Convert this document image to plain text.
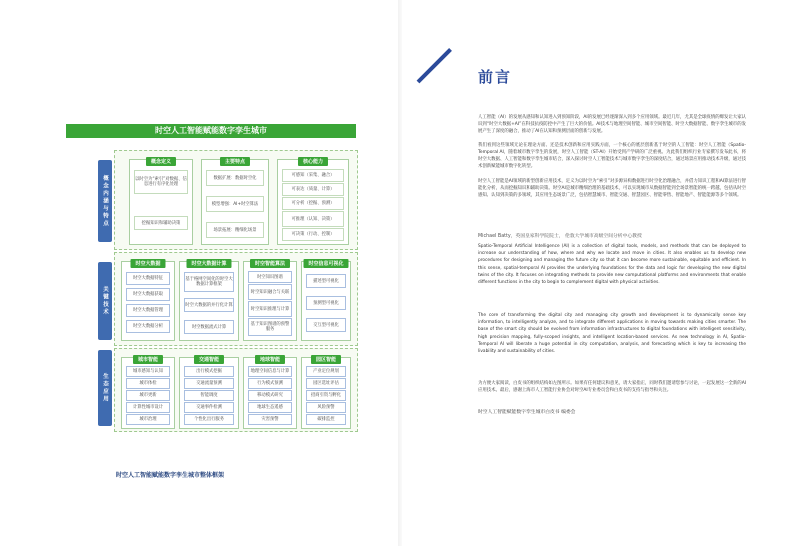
时空人工智能赋能数字孪生城市
概念内涵与特点
概念定义
以时空为“索引”对数据、信息进行有序化处理
挖掘知识和辅助决策
主要特点
数据扩展：数据时空化
模型增强：AI+时空算法
场景拓展：精细化场景
核心能力
可感知（采集、融合）
可表达（质量、计算）
可分析（挖掘、预测）
可推理（认知、决策）
可决策（行动、控制）
关键技术
时空大数据
时空大数据特征
时空大数据获取
时空大数据管理
时空大数据分析
时空大数据计算
基于格网空间化的时空大数据计算框架
时空大数据的并行化计算
时空数据流式计算
时空智能算法
时空知识图谱
时空知识融合与关联
时空知识推理与计算
基于知识图谱的预警服务
时空信息可视化
描述型可视化
预测型可视化
交互型可视化
生态应用
城市智能
城市感知与认知
城市体检
城市更新
计算性城市设计
城市治理
交通智能
出行模式挖掘
交通流量预测
智能调度
交通事件检测
个性化出行服务
地球智能
地理空间信息与计算
行为模式预测
移动模式研究
地球生态遥感
灾害预警
园区智能
产业定位规划
园区选址评估
招商引资与孵化
风险预警
碳排监控
时空人工智能赋能数字孪生城市整体框架
前言

人工智能（AI）的发展从感知和认知进入到预知阶段，AI的发展已经逐渐深入到多个应用领域。最近几年，尤其是全球疫情的爆发让大家认识到“时空大数据+AI”在科技抗疫防控中产生了巨大的价值。AI技术与地理空间智能、城市空间智能、时空大数据智能、数字孪生城市的发展产生了深度的融合，推动了AI在认知和预测层面的创新与发展。

我们看到这些领域无论在理论方面、还是技术创新和应用实践方面，一个核心的底层创新基于时空的人工智能：时空人工智能（Spatio-Temporal AI，随着城市数字孪生的发展，时空人工智能（ST-AI）开始受到产学研的广泛重视。为此我们组织行业专家撰写发布此书，将时空大数据、人工智能和数字孪生城市结合，深入探讨时空人工智能技术与城市数字孪生的深度结合，通过场景应用推动技术升级，通过技术创新赋能城市数字化转型。

时空人工智能是AI领域的新型创新应用技术，定义为以时空为“索引”对多源异构数据进行时空化治理融合，并借力知识工程和AI算法进行智能化分析，从而挖掘知识和辅助决策。时空AI是城市精细治理的基础技术，可以实现城市从数据智能到全场景智能的统一跨越，包括从时空感知、认知到决策的多领域，其应用生态场景广泛，包括智慧城市、智能交通、智慧园区、智能零售、智能地产、智能能源等多个领域。

Michael Batty，英国皇家科学院院士， 伦敦大学城市高级空间分析中心教授

Spatio-Temporal Artificial Intelligence (AI) is a collection of digital tools, models, and methods that can be deployed to increase our understanding of how, where and why we locate and move in cities. It also enables us to develop new procedures for designing and managing the future city so that it can become more sustainable, equitable and efficient. In this sense, spatial-temporal AI provides the underlying foundations for the data and logic for developing the new digital twins of the city. It focuses on integrating methods to provide new computational platforms and environments that enable different functions in the city to begin to complement digital with physical activities.

The core of transforming the digital city and managing city growth and development is to dynamically sense key information, to intelligently analyze, and to integrate different applications in moving towards making cities smarter. The base of the smart city should be evolved from information infrastructures to digital foundations with intelligent sensitivity, high precision mapping, fully-scoped insights, and intelligent location-based services. As new technology in AI, Spatio-Temporal AI will liberate a huge potential in city computation, analysis, and forecasting which is key to increasing the livability and sustainability of cities.

为方便大家阅读，白皮书的组织结构如左图所示。如果有任何建议和意见，请大家指正，同时我们邀请您参与讨论，一起发展这一全新的AI应用技术。最后，感谢上海市人工智能行业协会对时空AI专业委员会和白皮书的支持与指导和关注。

时空人工智能赋能数字孪生城市白皮书 编委会
